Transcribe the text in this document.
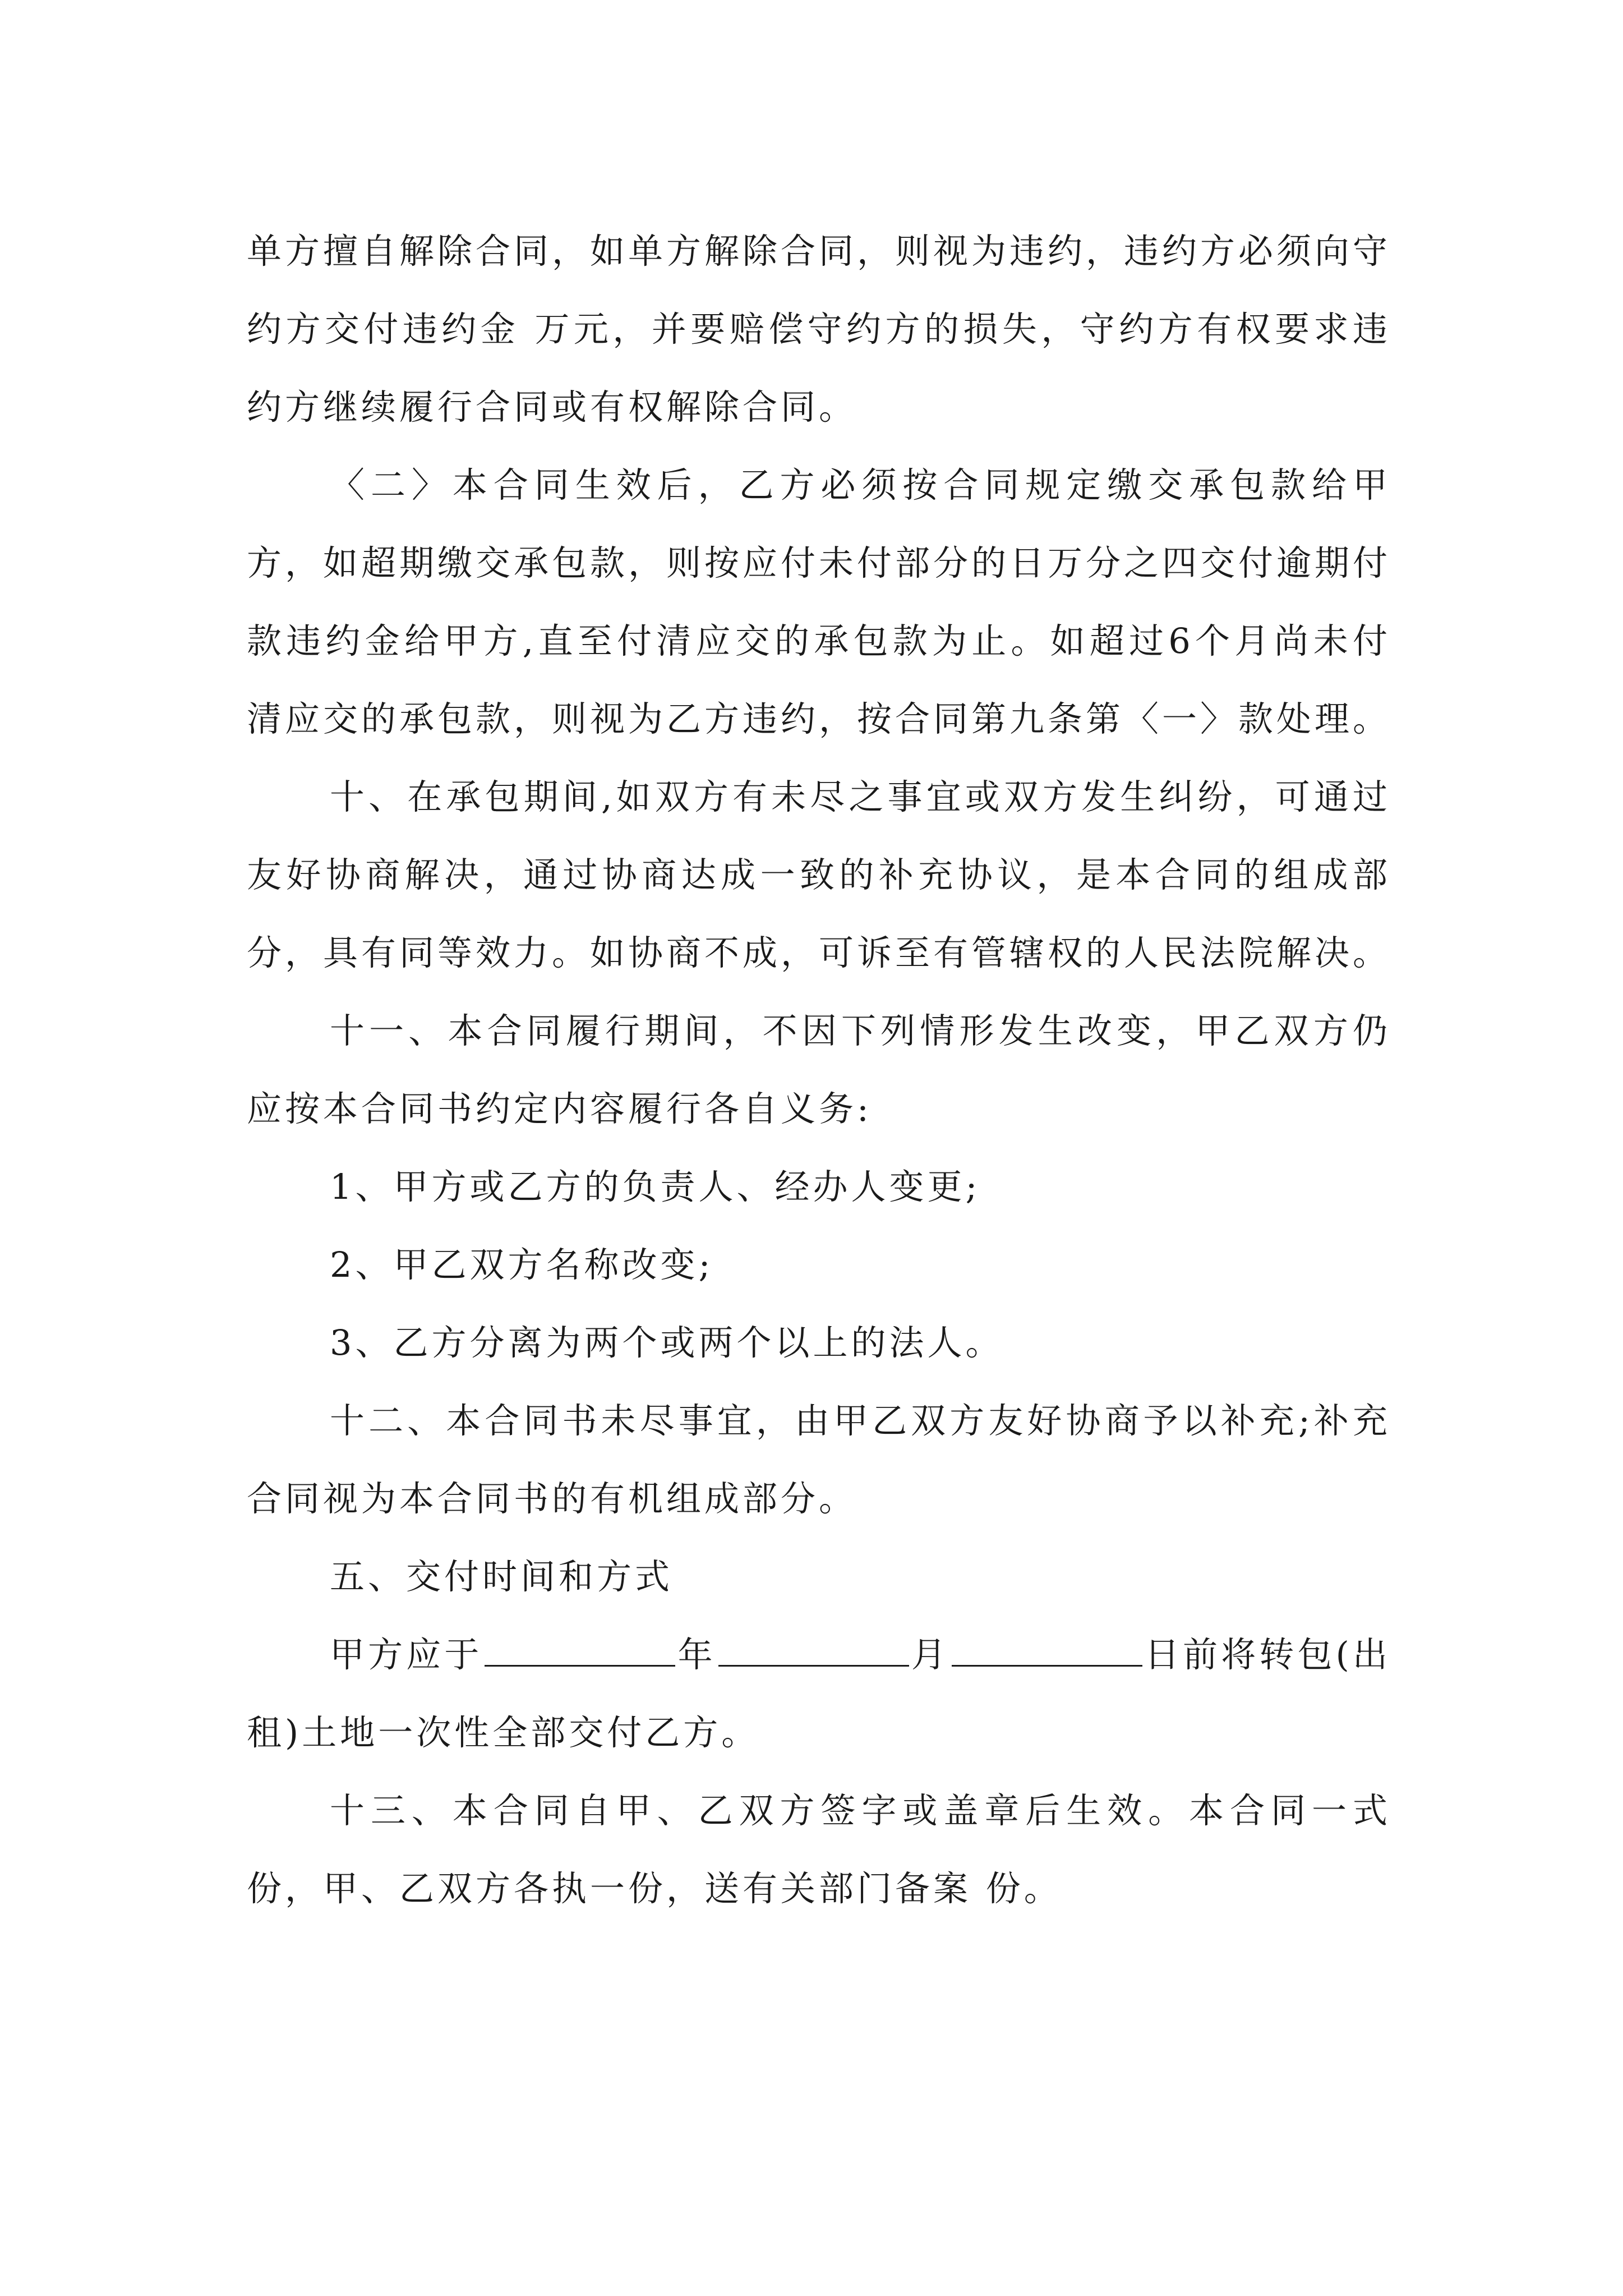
单方擅自解除合同，如单方解除合同，则视为违约，违约方必须向守约方交付违约金 万元，并要赔偿守约方的损失，守约方有权要求违约方继续履行合同或有权解除合同。

〈二〉本合同生效后，乙方必须按合同规定缴交承包款给甲方，如超期缴交承包款，则按应付未付部分的日万分之四交付逾期付款违约金给甲方,直至付清应交的承包款为止。如超过6个月尚未付清应交的承包款，则视为乙方违约，按合同第九条第〈一〉款处理。

十、在承包期间,如双方有未尽之事宜或双方发生纠纷，可通过友好协商解决，通过协商达成一致的补充协议，是本合同的组成部分，具有同等效力。如协商不成，可诉至有管辖权的人民法院解决。

十一、本合同履行期间，不因下列情形发生改变，甲乙双方仍应按本合同书约定内容履行各自义务:

1、甲方或乙方的负责人、经办人变更;

2、甲乙双方名称改变;

3、乙方分离为两个或两个以上的法人。

十二、本合同书未尽事宜，由甲乙双方友好协商予以补充;补充合同视为本合同书的有机组成部分。

五、交付时间和方式

甲方应于	年	月	日前将转包(出租)土地一次性全部交付乙方。

十三、本合同自甲、乙双方签字或盖章后生效。本合同一式 份，甲、乙双方各执一份，送有关部门备案 份。
